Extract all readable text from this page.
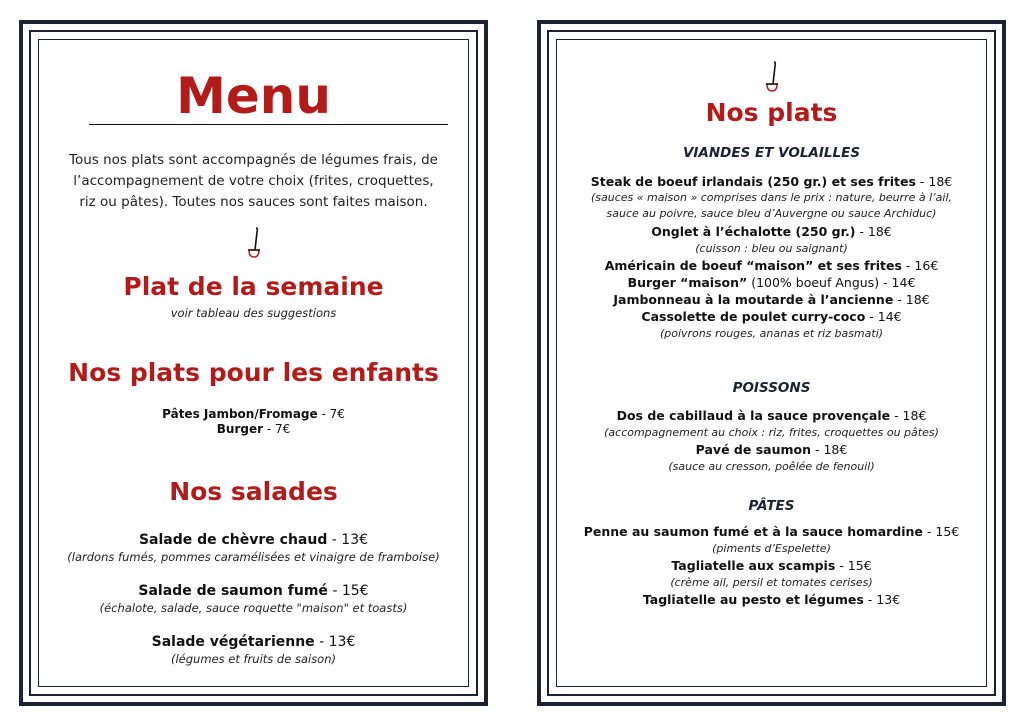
Menu
Tous nos plats sont accompagnés de légumes frais, de
l’accompagnement de votre choix (frites, croquettes,
riz ou pâtes). Toutes nos sauces sont faites maison.
Plat de la semaine
voir tableau des suggestions
Nos plats pour les enfants
Pâtes Jambon/Fromage - 7€
Burger - 7€
Nos salades
Salade de chèvre chaud - 13€
(lardons fumés, pommes caramélisées et vinaigre de framboise)
Salade de saumon fumé - 15€
(échalote, salade, sauce roquette "maison" et toasts)
Salade végétarienne - 13€
(légumes et fruits de saison)
Nos plats
VIANDES ET VOLAILLES
Steak de boeuf irlandais (250 gr.) et ses frites - 18€
(sauces « maison » comprises dans le prix : nature, beurre à l’ail,
sauce au poivre, sauce bleu d’Auvergne ou sauce Archiduc)
Onglet à l’échalotte (250 gr.) - 18€
(cuisson : bleu ou saignant)
Américain de boeuf “maison” et ses frites - 16€
Burger “maison” (100% boeuf Angus) - 14€
Jambonneau à la moutarde à l’ancienne - 18€
Cassolette de poulet curry-coco - 14€
(poivrons rouges, ananas et riz basmati)
POISSONS
Dos de cabillaud à la sauce provençale - 18€
(accompagnement au choix : riz, frites, croquettes ou pâtes)
Pavé de saumon - 18€
(sauce au cresson, poêlée de fenouil)
PÂTES
Penne au saumon fumé et à la sauce homardine - 15€
(piments d’Espelette)
Tagliatelle aux scampis - 15€
(crème ail, persil et tomates cerises)
Tagliatelle au pesto et légumes - 13€
